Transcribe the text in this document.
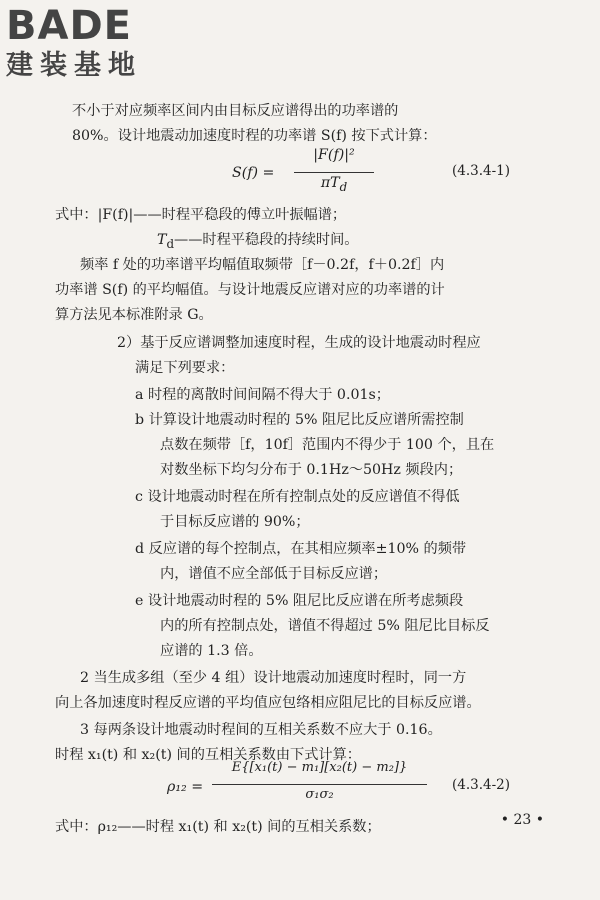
BADE
建装基地
不小于对应频率区间内由目标反应谱得出的功率谱的
80%。设计地震动加速度时程的功率谱 S(f) 按下式计算：
S(f) =
|F(f)|²
$\pi T_d$
(4.3.4-1)
式中：|F(f)|——时程平稳段的傅立叶振幅谱；
$T_d——$时程平稳段的持续时间。
频率 f 处的功率谱平均幅值取频带［f－0.2f，f＋0.2f］内
功率谱 S(f) 的平均幅值。与设计地震反应谱对应的功率谱的计
算方法见本标准附录 G。
2）基于反应谱调整加速度时程，生成的设计地震动时程应
满足下列要求：
a 时程的离散时间间隔不得大于 0.01s；
b 计算设计地震动时程的 5% 阻尼比反应谱所需控制
点数在频带［f，10f］范围内不得少于 100 个，且在
对数坐标下均匀分布于 0.1Hz～50Hz 频段内；
c 设计地震动时程在所有控制点处的反应谱值不得低
于目标反应谱的 90%；
d 反应谱的每个控制点，在其相应频率±10% 的频带
内，谱值不应全部低于目标反应谱；
e 设计地震动时程的 5% 阻尼比反应谱在所考虑频段
内的所有控制点处，谱值不得超过 5% 阻尼比目标反
应谱的 1.3 倍。
2 当生成多组（至少 4 组）设计地震动加速度时程时，同一方
向上各加速度时程反应谱的平均值应包络相应阻尼比的目标反应谱。
3 每两条设计地震动时程间的互相关系数不应大于 0.16。
时程 x₁(t) 和 x₂(t) 间的互相关系数由下式计算：
ρ₁₂ =
E{[x₁(t) − m₁][x₂(t) − m₂]}
σ₁σ₂
(4.3.4-2)
式中：ρ₁₂——时程 x₁(t) 和 x₂(t) 间的互相关系数；	• 23 •
